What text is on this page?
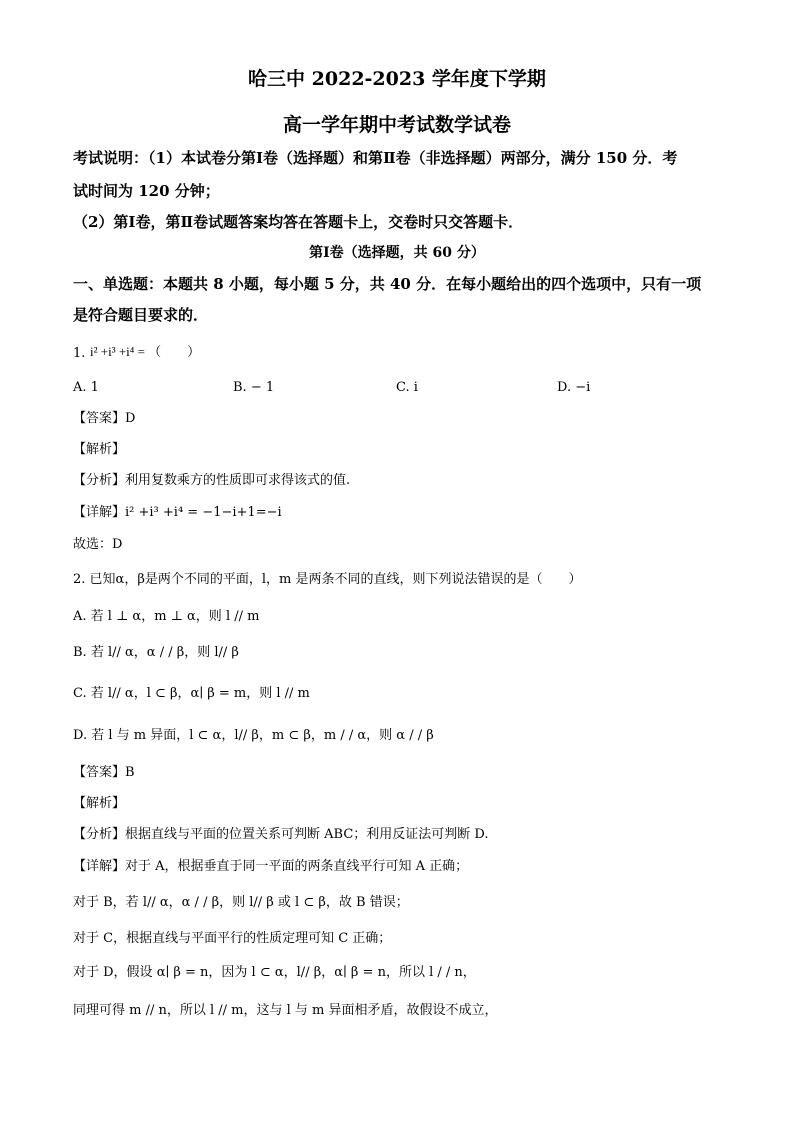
哈三中 2022-2023 学年度下学期
高一学年期中考试数学试卷
考试说明：（1）本试卷分第Ⅰ卷（选择题）和第Ⅱ卷（非选择题）两部分，满分 150 分．考
试时间为 120 分钟；
（2）第Ⅰ卷，第Ⅱ卷试题答案均答在答题卡上，交卷时只交答题卡．
第Ⅰ卷（选择题，共 60 分）
一、单选题：本题共 8 小题，每小题 5 分，共 40 分．在每小题给出的四个选项中，只有一项
是符合题目要求的．
1. i² +i³ +i⁴ = （　　）
A. 1	B. − 1	C. i	D. −i
【答案】D
【解析】
【分析】利用复数乘方的性质即可求得该式的值.
【详解】i² +i³ +i⁴ = −1−i+1=−i
故选：D
2. 已知α，β是两个不同的平面，l，m 是两条不同的直线，则下列说法错误的是（　　）
A. 若 l ⊥ α，m ⊥ α，则 l // m
B. 若 l// α，α / / β，则 l// β
C. 若 l// α，l ⊂ β，α∣ β = m，则 l // m
D. 若 l 与 m 异面，l ⊂ α，l// β，m ⊂ β，m / / α，则 α / / β
【答案】B
【解析】
【分析】根据直线与平面的位置关系可判断 ABC；利用反证法可判断 D.
【详解】对于 A，根据垂直于同一平面的两条直线平行可知 A 正确；
对于 B，若 l// α，α / / β，则 l// β 或 l ⊂ β，故 B 错误；
对于 C，根据直线与平面平行的性质定理可知 C 正确；
对于 D，假设 α∣ β = n，因为 l ⊂ α，l// β，α∣ β = n，所以 l / / n，
同理可得 m // n，所以 l // m，这与 l 与 m 异面相矛盾，故假设不成立，
